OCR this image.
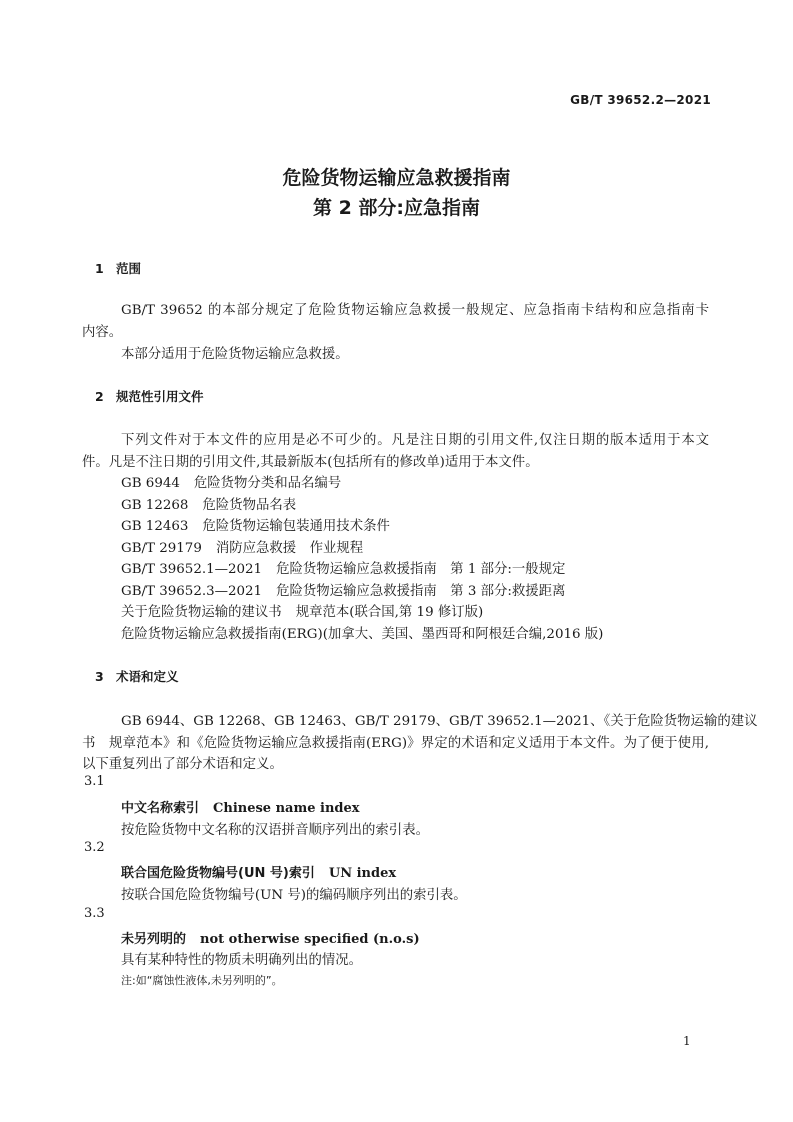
GB/T 39652.2—2021
危险货物运输应急救援指南
第 2 部分:应急指南
1 范围
GB/T 39652 的本部分规定了危险货物运输应急救援一般规定、应急指南卡结构和应急指南卡
内容。
本部分适用于危险货物运输应急救援。
2 规范性引用文件
下列文件对于本文件的应用是必不可少的。凡是注日期的引用文件,仅注日期的版本适用于本文
件。凡是不注日期的引用文件,其最新版本(包括所有的修改单)适用于本文件。
GB 6944 危险货物分类和品名编号
GB 12268 危险货物品名表
GB 12463 危险货物运输包装通用技术条件
GB/T 29179 消防应急救援　作业规程
GB/T 39652.1—2021 危险货物运输应急救援指南　第 1 部分:一般规定
GB/T 39652.3—2021 危险货物运输应急救援指南　第 3 部分:救援距离
关于危险货物运输的建议书 规章范本(联合国,第 19 修订版)
危险货物运输应急救援指南(ERG)(加拿大、美国、墨西哥和阿根廷合编,2016 版)
3 术语和定义
GB 6944、GB 12268、GB 12463、GB/T 29179、GB/T 39652.1—2021、《关于危险货物运输的建议
书　规章范本》和《危险货物运输应急救援指南(ERG)》界定的术语和定义适用于本文件。为了便于使用,
以下重复列出了部分术语和定义。
3.1
中文名称索引 Chinese name index
按危险货物中文名称的汉语拼音顺序列出的索引表。
3.2
联合国危险货物编号(UN 号)索引 UN index
按联合国危险货物编号(UN 号)的编码顺序列出的索引表。
3.3
未另列明的 not otherwise specified (n.o.s)
具有某种特性的物质未明确列出的情况。
注:如“腐蚀性液体,未另列明的”。
1
